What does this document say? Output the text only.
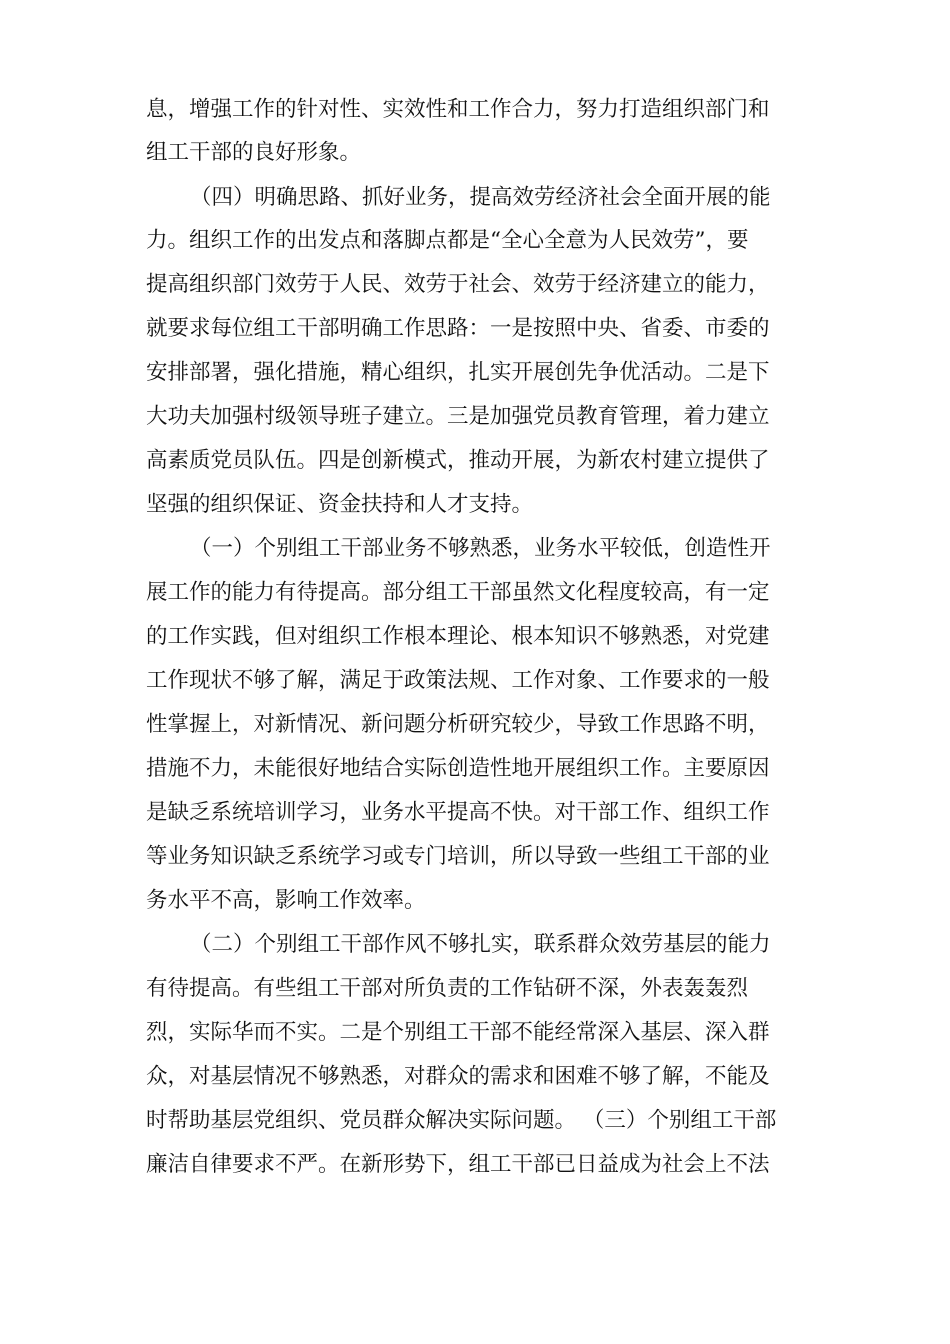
息，增强工作的针对性、实效性和工作合力，努力打造组织部门和
组工干部的良好形象。
（四）明确思路、抓好业务，提高效劳经济社会全面开展的能
力。组织工作的出发点和落脚点都是“全心全意为人民效劳”，要
提高组织部门效劳于人民、效劳于社会、效劳于经济建立的能力，
就要求每位组工干部明确工作思路：一是按照中央、省委、市委的
安排部署，强化措施，精心组织，扎实开展创先争优活动。二是下
大功夫加强村级领导班子建立。三是加强党员教育管理，着力建立
高素质党员队伍。四是创新模式，推动开展，为新农村建立提供了
坚强的组织保证、资金扶持和人才支持。
（一）个别组工干部业务不够熟悉，业务水平较低，创造性开
展工作的能力有待提高。部分组工干部虽然文化程度较高，有一定
的工作实践，但对组织工作根本理论、根本知识不够熟悉，对党建
工作现状不够了解，满足于政策法规、工作对象、工作要求的一般
性掌握上，对新情况、新问题分析研究较少，导致工作思路不明，
措施不力，未能很好地结合实际创造性地开展组织工作。主要原因
是缺乏系统培训学习，业务水平提高不快。对干部工作、组织工作
等业务知识缺乏系统学习或专门培训，所以导致一些组工干部的业
务水平不高，影响工作效率。
（二）个别组工干部作风不够扎实，联系群众效劳基层的能力
有待提高。有些组工干部对所负责的工作钻研不深，外表轰轰烈
烈，实际华而不实。二是个别组工干部不能经常深入基层、深入群
众，对基层情况不够熟悉，对群众的需求和困难不够了解，不能及
时帮助基层党组织、党员群众解决实际问题。 （三）个别组工干部
廉洁自律要求不严。在新形势下，组工干部已日益成为社会上不法
